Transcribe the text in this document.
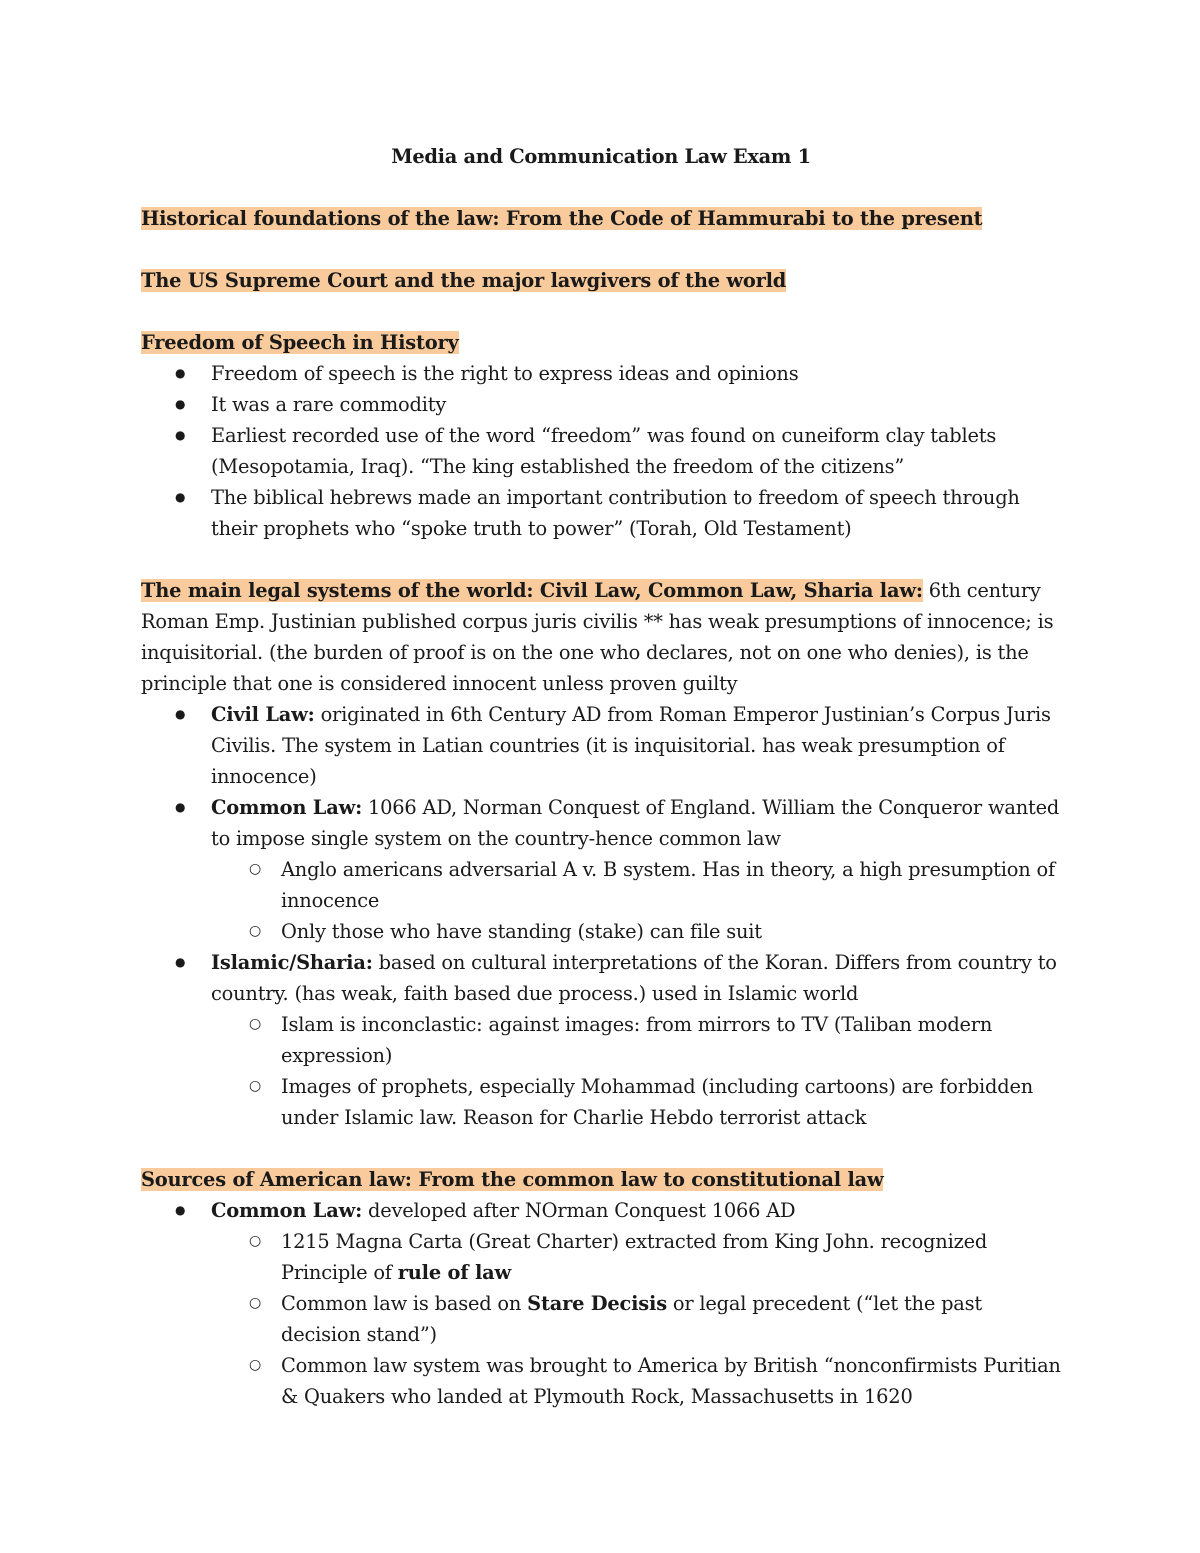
Media and Communication Law Exam 1

Historical foundations of the law: From the Code of Hammurabi to the present

The US Supreme Court and the major lawgivers of the world

Freedom of Speech in History

● Freedom of speech is the right to express ideas and opinions
● It was a rare commodity
● Earliest recorded use of the word “freedom” was found on cuneiform clay tablets (Mesopotamia, Iraq). “The king established the freedom of the citizens”
● The biblical hebrews made an important contribution to freedom of speech through their prophets who “spoke truth to power” (Torah, Old Testament)

The main legal systems of the world: Civil Law, Common Law, Sharia law: 6th century Roman Emp. Justinian published corpus juris civilis ** has weak presumptions of innocence; is inquisitorial. (the burden of proof is on the one who declares, not on one who denies), is the principle that one is considered innocent unless proven guilty

● Civil Law: originated in 6th Century AD from Roman Emperor Justinian’s Corpus Juris Civilis. The system in Latian countries (it is inquisitorial. has weak presumption of innocence)
● Common Law: 1066 AD, Norman Conquest of England. William the Conqueror wanted to impose single system on the country-hence common law
○ Anglo americans adversarial A v. B system. Has in theory, a high presumption of innocence
○ Only those who have standing (stake) can file suit
● Islamic/Sharia: based on cultural interpretations of the Koran. Differs from country to country. (has weak, faith based due process.) used in Islamic world
○ Islam is inconclastic: against images: from mirrors to TV (Taliban modern expression)
○ Images of prophets, especially Mohammad (including cartoons) are forbidden under Islamic law. Reason for Charlie Hebdo terrorist attack

Sources of American law: From the common law to constitutional law

● Common Law: developed after NOrman Conquest 1066 AD
○ 1215 Magna Carta (Great Charter) extracted from King John. recognized Principle of rule of law
○ Common law is based on Stare Decisis or legal precedent (“let the past decision stand”)
○ Common law system was brought to America by British “nonconfirmists Puritian & Quakers who landed at Plymouth Rock, Massachusetts in 1620
